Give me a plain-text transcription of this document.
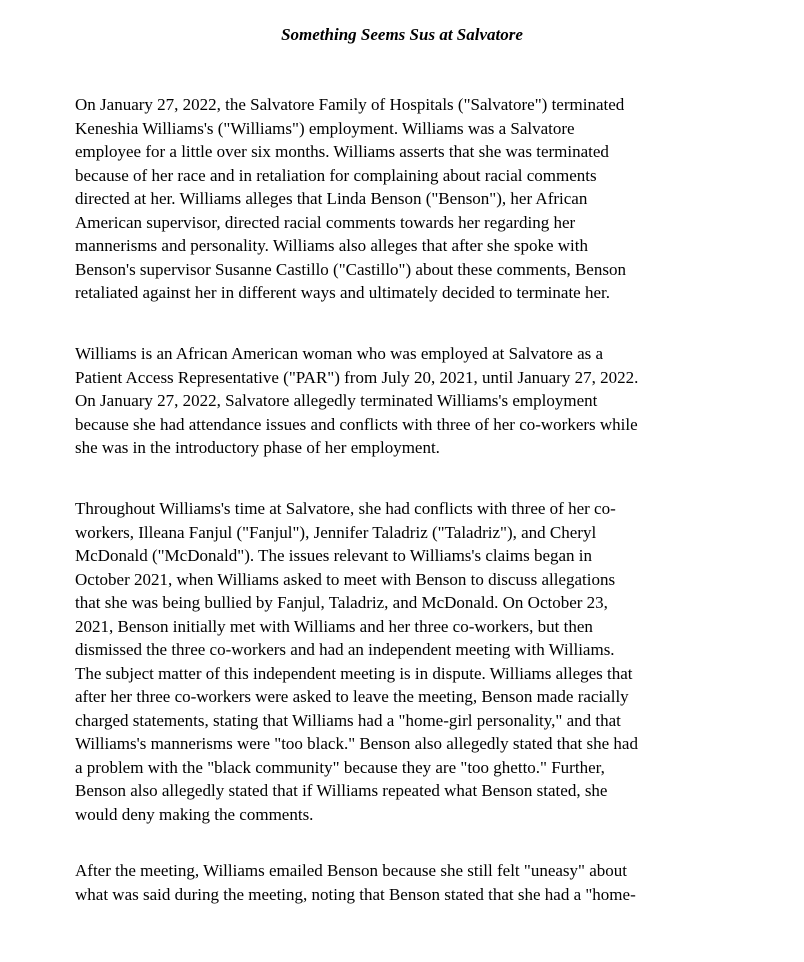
Something Seems Sus at Salvatore
On January 27, 2022, the Salvatore Family of Hospitals ("Salvatore") terminated
Keneshia Williams's ("Williams") employment. Williams was a Salvatore
employee for a little over six months. Williams asserts that she was terminated
because of her race and in retaliation for complaining about racial comments
directed at her. Williams alleges that Linda Benson ("Benson"), her African
American supervisor, directed racial comments towards her regarding her
mannerisms and personality. Williams also alleges that after she spoke with
Benson's supervisor Susanne Castillo ("Castillo") about these comments, Benson
retaliated against her in different ways and ultimately decided to terminate her.
Williams is an African American woman who was employed at Salvatore as a
Patient Access Representative ("PAR") from July 20, 2021, until January 27, 2022.
On January 27, 2022, Salvatore allegedly terminated Williams's employment
because she had attendance issues and conflicts with three of her co-workers while
she was in the introductory phase of her employment.
Throughout Williams's time at Salvatore, she had conflicts with three of her co-
workers, Illeana Fanjul ("Fanjul"), Jennifer Taladriz ("Taladriz"), and Cheryl
McDonald ("McDonald"). The issues relevant to Williams's claims began in
October 2021, when Williams asked to meet with Benson to discuss allegations
that she was being bullied by Fanjul, Taladriz, and McDonald. On October 23,
2021, Benson initially met with Williams and her three co-workers, but then
dismissed the three co-workers and had an independent meeting with Williams.
The subject matter of this independent meeting is in dispute. Williams alleges that
after her three co-workers were asked to leave the meeting, Benson made racially
charged statements, stating that Williams had a "home-girl personality," and that
Williams's mannerisms were "too black." Benson also allegedly stated that she had
a problem with the "black community" because they are "too ghetto." Further,
Benson also allegedly stated that if Williams repeated what Benson stated, she
would deny making the comments.
After the meeting, Williams emailed Benson because she still felt "uneasy" about
what was said during the meeting, noting that Benson stated that she had a "home-
